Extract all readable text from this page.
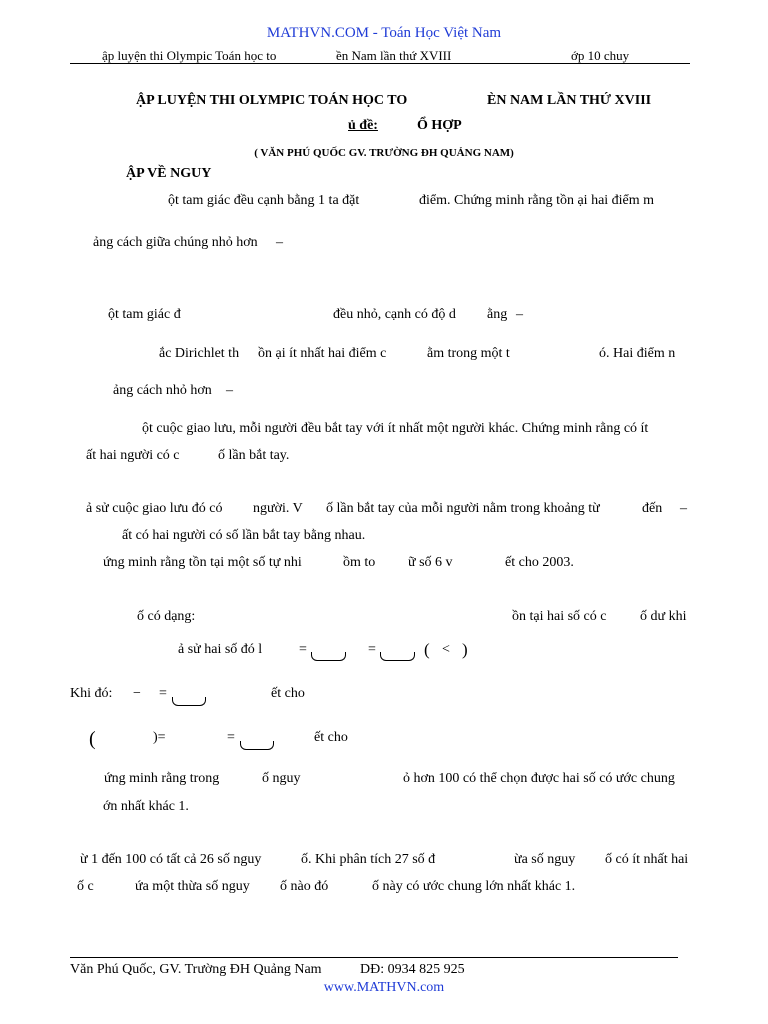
MATHVN.COM - Toán Học Việt Nam
ập luyện thi Olympic Toán học to	ền Nam lần thứ XVIII	ớp 10 chuy
ẬP LUYỆN THI OLYMPIC TOÁN HỌC TO	ÈN NAM LẦN THỨ XVIII
ủ đề:	Ổ HỢP
( VĂN PHÚ QUỐC GV. TRƯỜNG ĐH QUẢNG NAM)
ẬP VỀ NGUY
ột tam giác đều cạnh bằng 1 ta đặt	điểm. Chứng minh rằng tồn ại hai điểm m
ảng cách giữa chúng nhỏ hơn –
ột tam giác đ	đều nhỏ, cạnh có độ d ằng –
ắc Dirichlet th ồn ại ít nhất hai điểm c	ằm trong một t	ó. Hai điểm n
ảng cách nhỏ hơn –
ột cuộc giao lưu, mỗi người đều bắt tay với ít nhất một người khác. Chứng minh rằng có ít
ất hai người có c	ố lần bắt tay.
ả sử cuộc giao lưu đó có người. V ố lần bắt tay của mỗi người nằm trong khoảng từ	đến –
ất có hai người có số lần bắt tay bằng nhau.
ứng minh rằng tồn tại một số tự nhi	ồm to ữ số 6 v	ết cho 2003.
ố có dạng:	ồn tại hai số có c ố dư khi
ả sử hai số đó l	=	=	( < )
Khi đó: − =	ết cho
(	)=	=	ết cho
ứng minh rằng trong	ố nguy	ỏ hơn 100 có thể chọn được hai số có ước chung
ớn nhất khác 1.
ừ 1 đến 100 có tất cả 26 số nguy	ố. Khi phân tích 27 số đ	ừa số nguy ố có ít nhất hai
ố c	ứa một thừa số nguy ố nào đó	ố này có ước chung lớn nhất khác 1.
Văn Phú Quốc, GV. Trường ĐH Quảng Nam	DĐ: 0934 825 925
www.MATHVN.com
